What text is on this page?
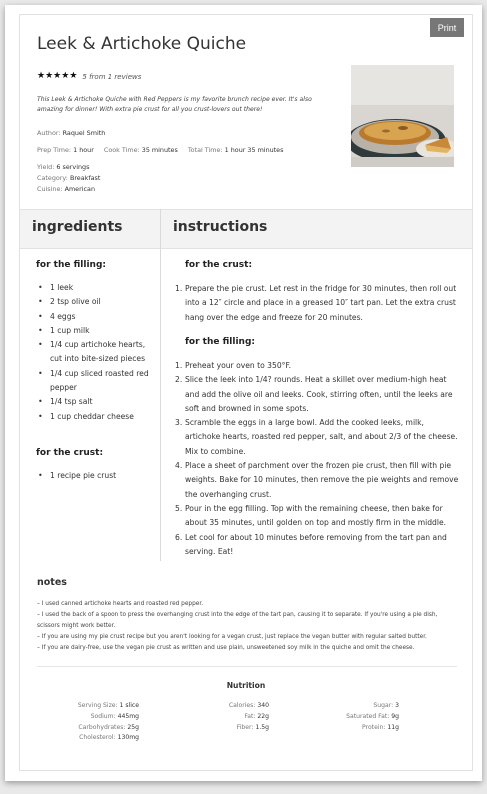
Print
Leek & Artichoke Quiche
★ ★ ★ ★ ★ 5 from 1 reviews

This Leek & Artichoke Quiche with Red Peppers is my favorite brunch recipe ever. It's also amazing for dinner! With extra pie crust for all you crust-lovers out there!

Author: Raquel Smith
Prep Time: 1 hour Cook Time: 35 minutes Total Time: 1 hour 35 minutes
Yield: 6 servings
Category: Breakfast
Cuisine: American
ingredients	instructions
for the filling:
• 1 leek
• 2 tsp olive oil
• 4 eggs
• 1 cup milk
• 1/4 cup artichoke hearts, cut into bite-sized pieces
• 1/4 cup sliced roasted red pepper
• 1/4 tsp salt
• 1 cup cheddar cheese
for the crust:
• 1 recipe pie crust
for the crust:
1. Prepare the pie crust. Let rest in the fridge for 30 minutes, then roll out into a 12″ circle and place in a greased 10″ tart pan. Let the extra crust hang over the edge and freeze for 20 minutes.
for the filling:
1. Preheat your oven to 350°F.
2. Slice the leek into 1/4? rounds. Heat a skillet over medium-high heat and add the olive oil and leeks. Cook, stirring often, until the leeks are soft and browned in some spots.
3. Scramble the eggs in a large bowl. Add the cooked leeks, milk, artichoke hearts, roasted red pepper, salt, and about 2/3 of the cheese. Mix to combine.
4. Place a sheet of parchment over the frozen pie crust, then fill with pie weights. Bake for 10 minutes, then remove the pie weights and remove the overhanging crust.
5. Pour in the egg filling. Top with the remaining cheese, then bake for about 35 minutes, until golden on top and mostly firm in the middle.
6. Let cool for about 10 minutes before removing from the tart pan and serving. Eat!
notes
– I used canned artichoke hearts and roasted red pepper.
– I used the back of a spoon to press the overhanging crust into the edge of the tart pan, causing it to separate. If you're using a pie dish, scissors might work better.
– If you are using my pie crust recipe but you aren't looking for a vegan crust, just replace the vegan butter with regular salted butter.
– If you are dairy-free, use the vegan pie crust as written and use plain, unsweetened soy milk in the quiche and omit the cheese.
Nutrition
Serving Size: 1 slice
Sodium: 445mg
Carbohydrates: 25g
Cholesterol: 130mg
Calories: 340
Fat: 22g
Fiber: 1.5g
Sugar: 3
Saturated Fat: 9g
Protein: 11g
